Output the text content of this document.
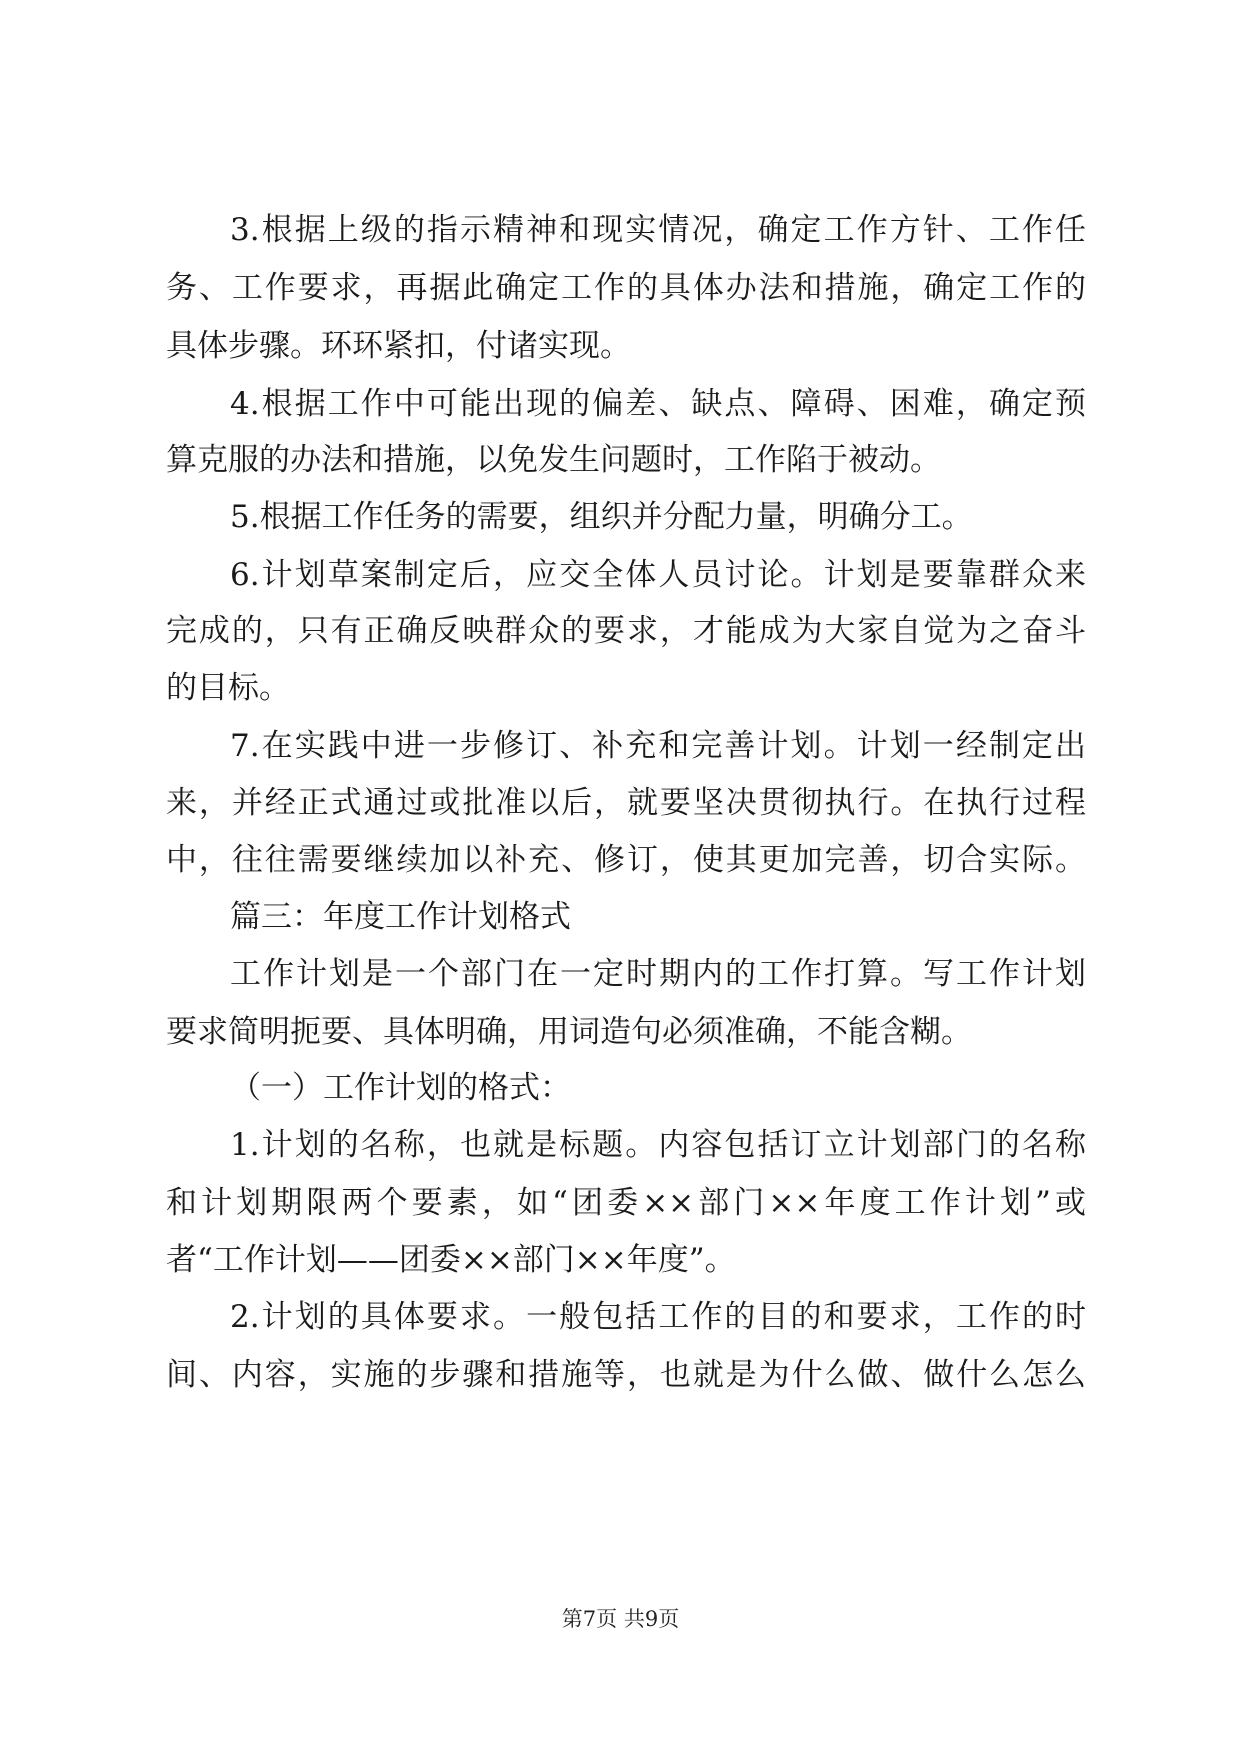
3.根据上级的指示精神和现实情况，确定工作方针、工作任
务、工作要求，再据此确定工作的具体办法和措施，确定工作的
具体步骤。环环紧扣，付诸实现。
4.根据工作中可能出现的偏差、缺点、障碍、困难，确定预
算克服的办法和措施，以免发生问题时，工作陷于被动。
5.根据工作任务的需要，组织并分配力量，明确分工。
6.计划草案制定后，应交全体人员讨论。计划是要靠群众来
完成的，只有正确反映群众的要求，才能成为大家自觉为之奋斗
的目标。
7.在实践中进一步修订、补充和完善计划。计划一经制定出
来，并经正式通过或批准以后，就要坚决贯彻执行。在执行过程
中，往往需要继续加以补充、修订，使其更加完善，切合实际。
篇三：年度工作计划格式
工作计划是一个部门在一定时期内的工作打算。写工作计划
要求简明扼要、具体明确，用词造句必须准确，不能含糊。
（一）工作计划的格式：
1.计划的名称，也就是标题。内容包括订立计划部门的名称
和计划期限两个要素，如“团委××部门××年度工作计划”或
者“工作计划——团委××部门××年度”。
2.计划的具体要求。一般包括工作的目的和要求，工作的时
间、内容，实施的步骤和措施等，也就是为什么做、做什么怎么
第7页 共9页
